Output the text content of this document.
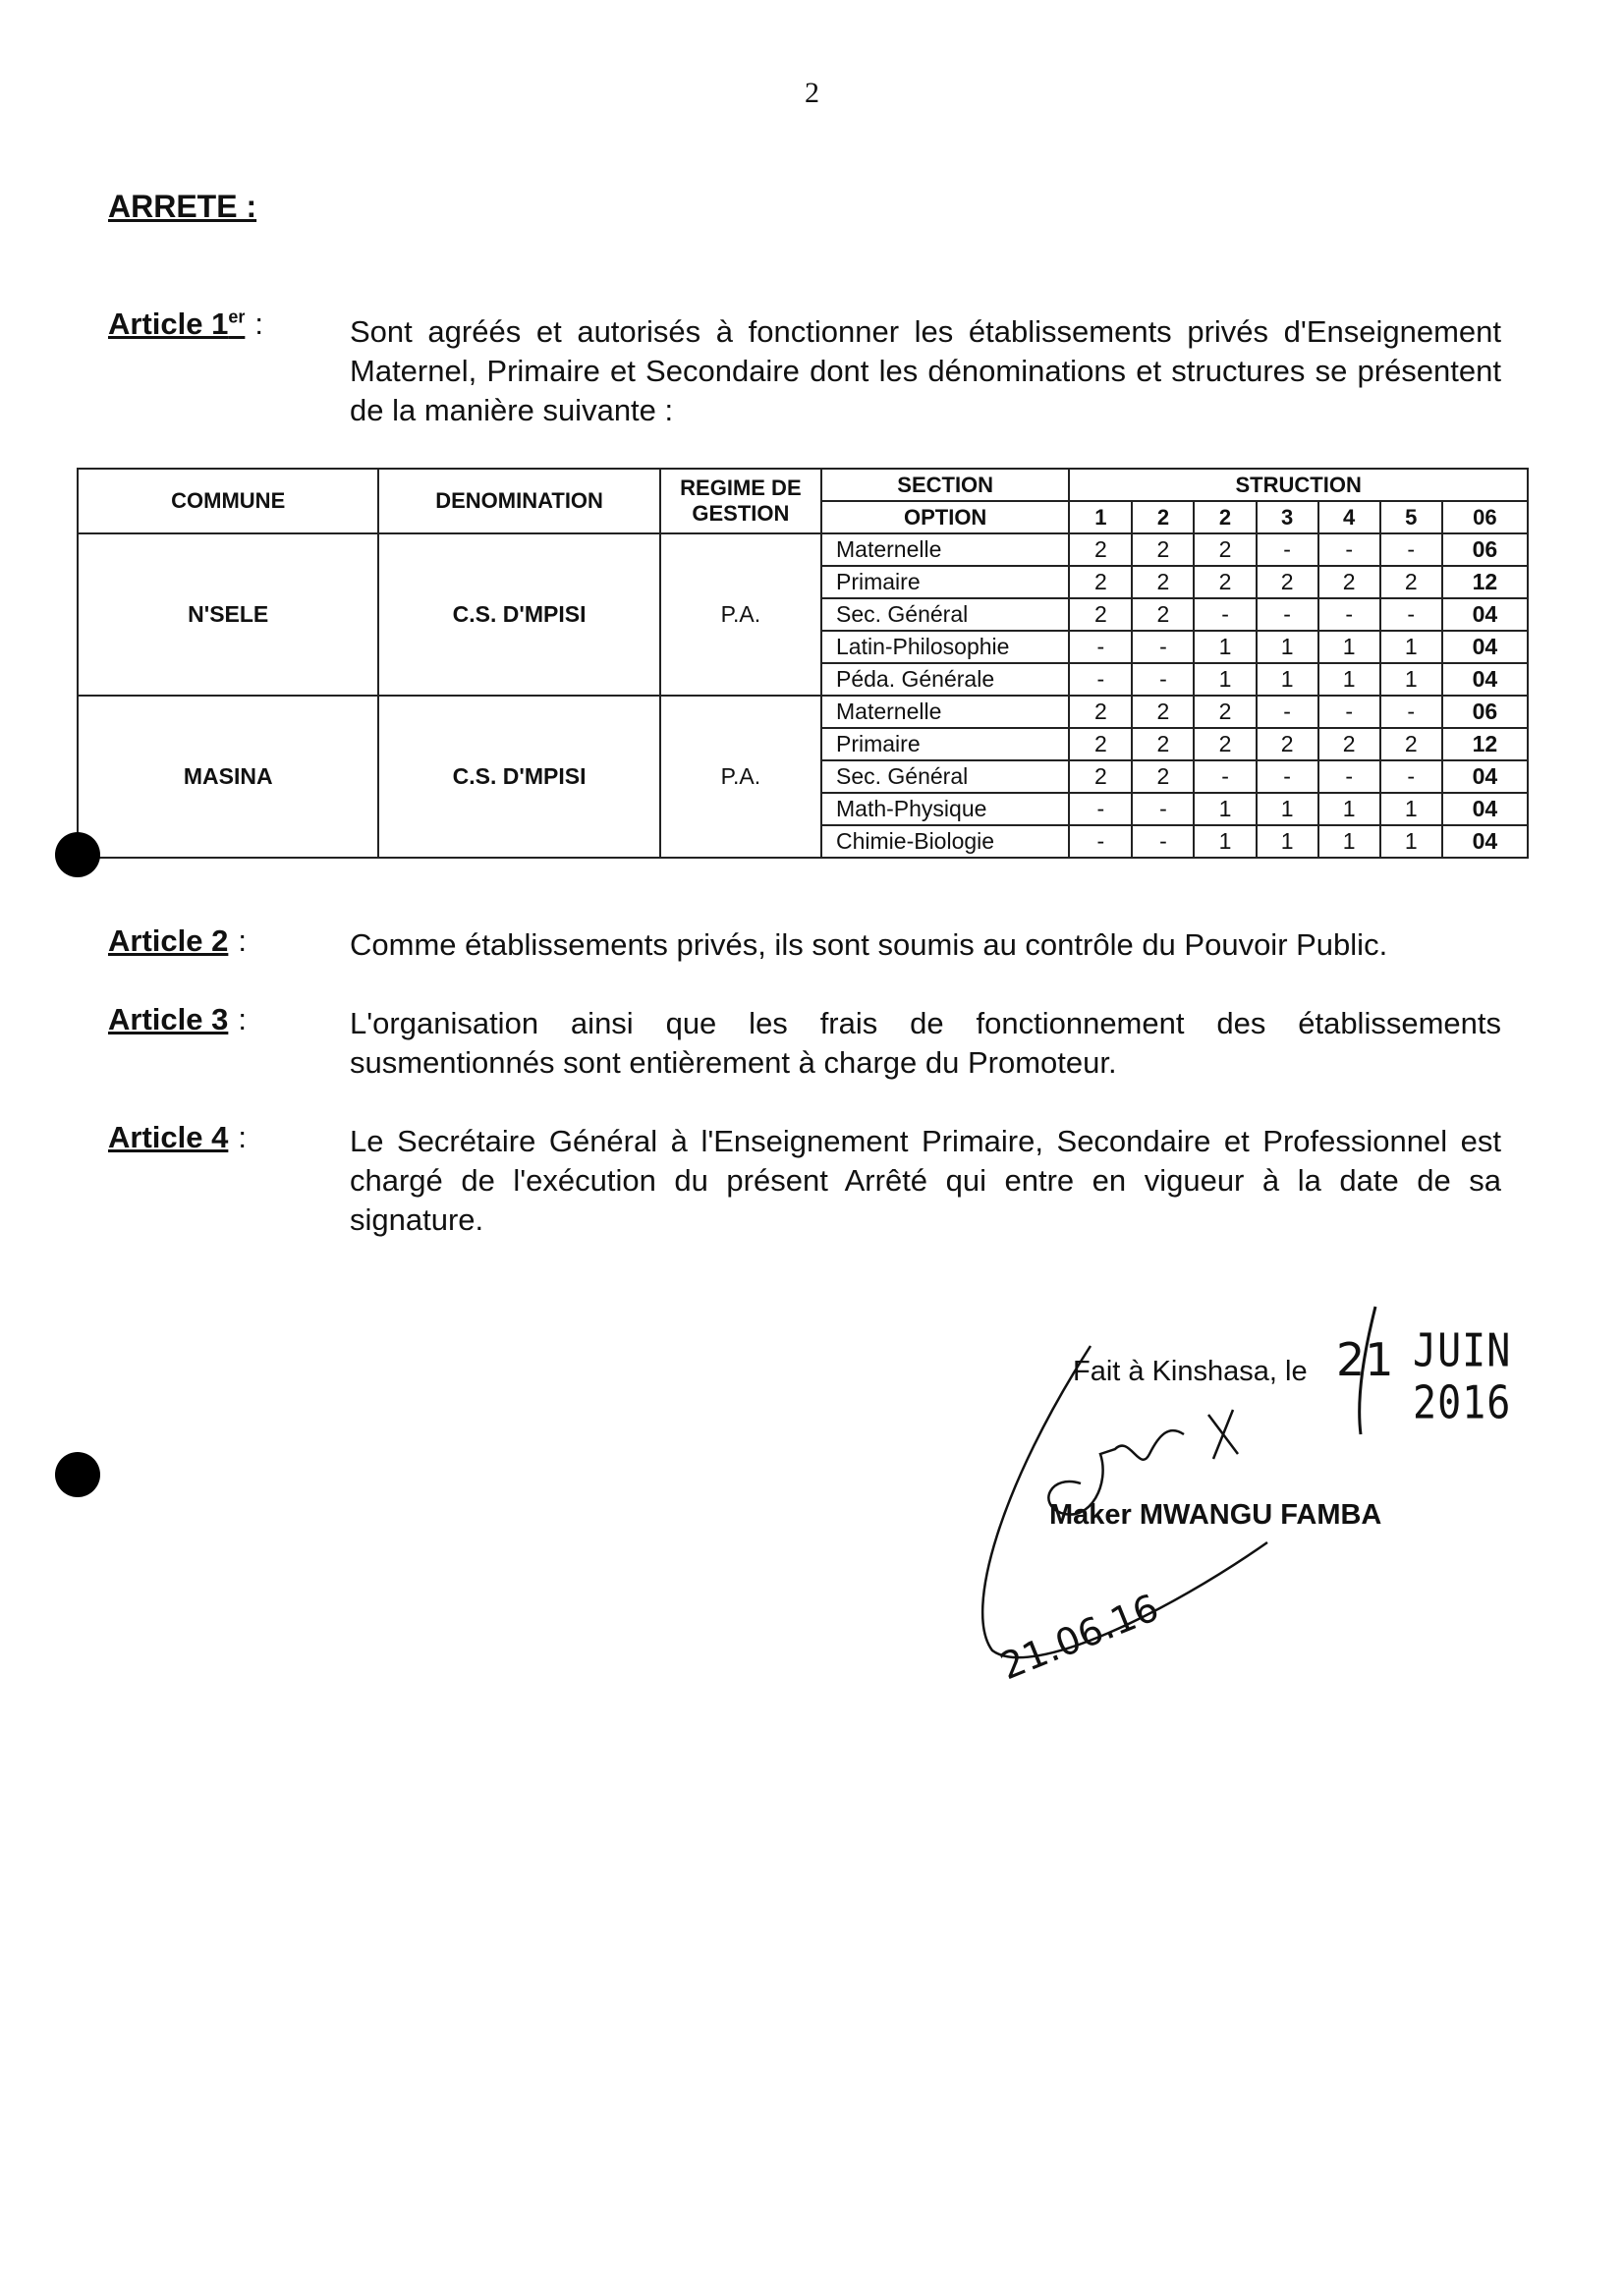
2
ARRETE :
Article 1er :	Sont agréés et autorisés à fonctionner les établissements privés d'Enseignement Maternel, Primaire et Secondaire dont les dénominations et structures se présentent de la manière suivante :
COMMUNE	DENOMINATION	REGIME DE GESTION	SECTION	STRUCTION						
			OPTION	1	2	2	3	4	5	06
N'SELE	C.S. D'MPISI	P.A.	Maternelle	2	2	2	-	-	-	06
			Primaire	2	2	2	2	2	2	12
			Sec. Général	2	2	-	-	-	-	04
			Latin-Philosophie	-	-	1	1	1	1	04
			Péda. Générale	-	-	1	1	1	1	04
MASINA	C.S. D'MPISI	P.A.	Maternelle	2	2	2	-	-	-	06
			Primaire	2	2	2	2	2	2	12
			Sec. Général	2	2	-	-	-	-	04
			Math-Physique	-	-	1	1	1	1	04
			Chimie-Biologie	-	-	1	1	1	1	04
Article 2 :	Comme établissements privés, ils sont soumis au contrôle du Pouvoir Public.
Article 3 :	L'organisation ainsi que les frais de fonctionnement des établissements susmentionnés sont entièrement à charge du Promoteur.
Article 4 :	Le Secrétaire Général à l'Enseignement Primaire, Secondaire et Professionnel est chargé de l'exécution du présent Arrêté qui entre en vigueur à la date de sa signature.
Fait à Kinshasa, le	JUIN 2016
Maker MWANGU FAMBA
21.06.16
21
